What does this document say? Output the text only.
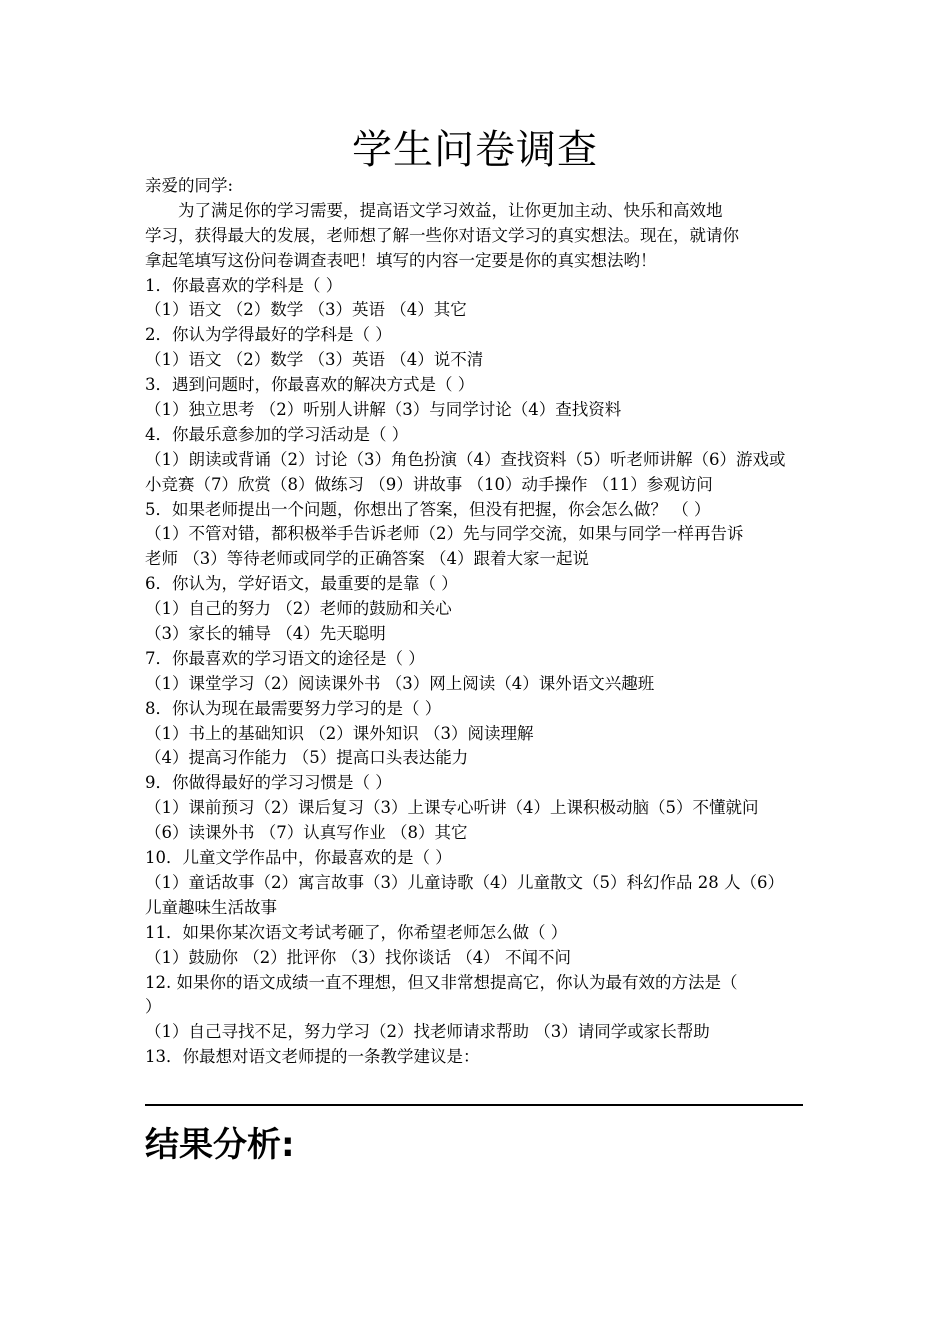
学生问卷调查
亲爱的同学:
为了满足你的学习需要，提高语文学习效益，让你更加主动、快乐和高效地
学习，获得最大的发展，老师想了解一些你对语文学习的真实想法。现在，就请你
拿起笔填写这份问卷调查表吧！填写的内容一定要是你的真实想法哟！
1．你最喜欢的学科是（ ）
（1）语文 （2）数学 （3）英语 （4）其它
2．你认为学得最好的学科是（ ）
（1）语文 （2）数学 （3）英语 （4）说不清
3．遇到问题时，你最喜欢的解决方式是（ ）
（1）独立思考 （2）听别人讲解（3）与同学讨论（4）查找资料
4．你最乐意参加的学习活动是（ ）
（1）朗读或背诵（2）讨论（3）角色扮演（4）查找资料（5）听老师讲解（6）游戏或
小竞赛（7）欣赏（8）做练习 （9）讲故事 （10）动手操作 （11）参观访问
5．如果老师提出一个问题，你想出了答案，但没有把握，你会怎么做？ （ ）
（1）不管对错，都积极举手告诉老师（2）先与同学交流，如果与同学一样再告诉
老师 （3）等待老师或同学的正确答案 （4）跟着大家一起说
6．你认为，学好语文，最重要的是靠（ ）
（1）自己的努力 （2）老师的鼓励和关心
（3）家长的辅导 （4）先天聪明
7．你最喜欢的学习语文的途径是（ ）
（1）课堂学习（2）阅读课外书 （3）网上阅读（4）课外语文兴趣班
8．你认为现在最需要努力学习的是（ ）
（1）书上的基础知识 （2）课外知识 （3）阅读理解
（4）提高习作能力 （5）提高口头表达能力
9．你做得最好的学习习惯是（ ）
（1）课前预习（2）课后复习（3）上课专心听讲（4）上课积极动脑（5）不懂就问
（6）读课外书 （7）认真写作业 （8）其它
10．儿童文学作品中，你最喜欢的是（ ）
（1）童话故事（2）寓言故事（3）儿童诗歌（4）儿童散文（5）科幻作品 28 人（6）
儿童趣味生活故事
11．如果你某次语文考试考砸了，你希望老师怎么做（ ）
（1）鼓励你 （2）批评你 （3）找你谈话 （4） 不闻不问
12. 如果你的语文成绩一直不理想，但又非常想提高它，你认为最有效的方法是（
）
（1）自己寻找不足，努力学习（2）找老师请求帮助 （3）请同学或家长帮助
13．你最想对语文老师提的一条教学建议是：
结果分析:
